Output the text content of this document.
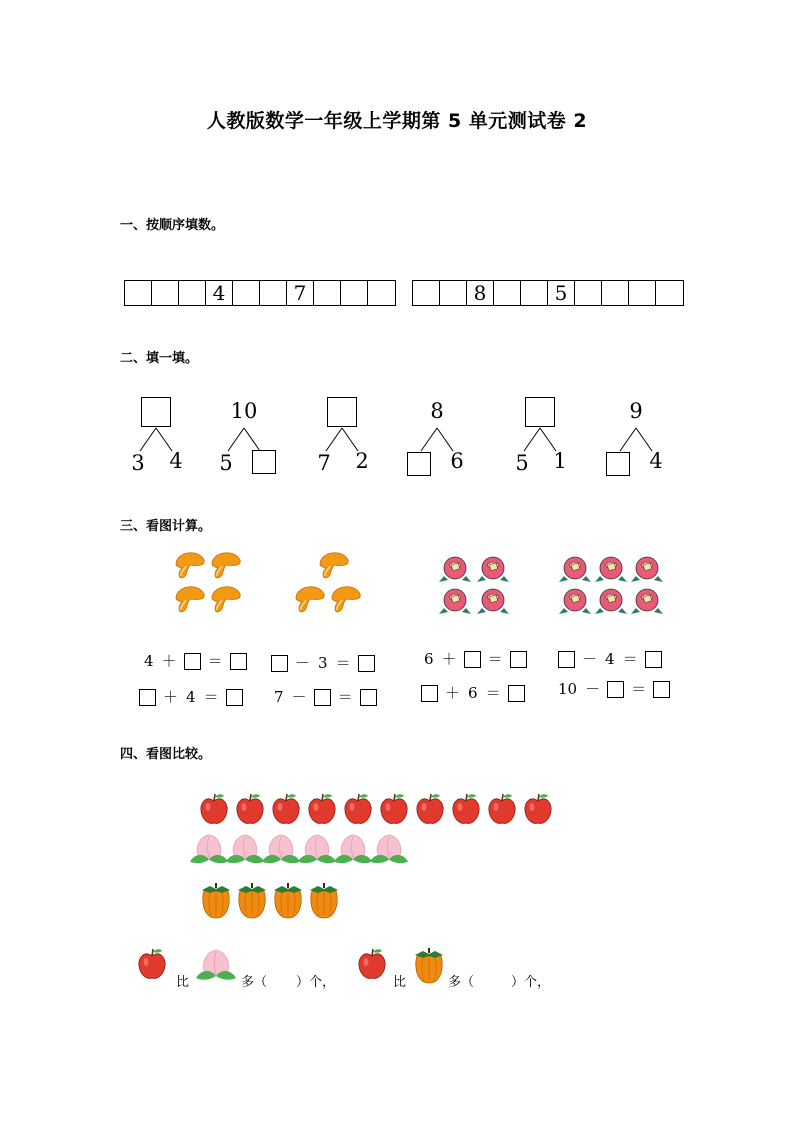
人教版数学一年级上学期第 5 单元测试卷 2
一、按顺序填数。
4	7	8	5
二、填一填。
3	4
10
5	7	2
8
6	5	1
9
4
三、看图计算。
4 ＋ ＝
＋ 4 ＝
－ 3 ＝
7 － ＝
6 ＋ ＝
＋ 6 ＝
－ 4 ＝
10 － ＝
四、看图比较。
比	多（ ）个，	比	多（	）个，
